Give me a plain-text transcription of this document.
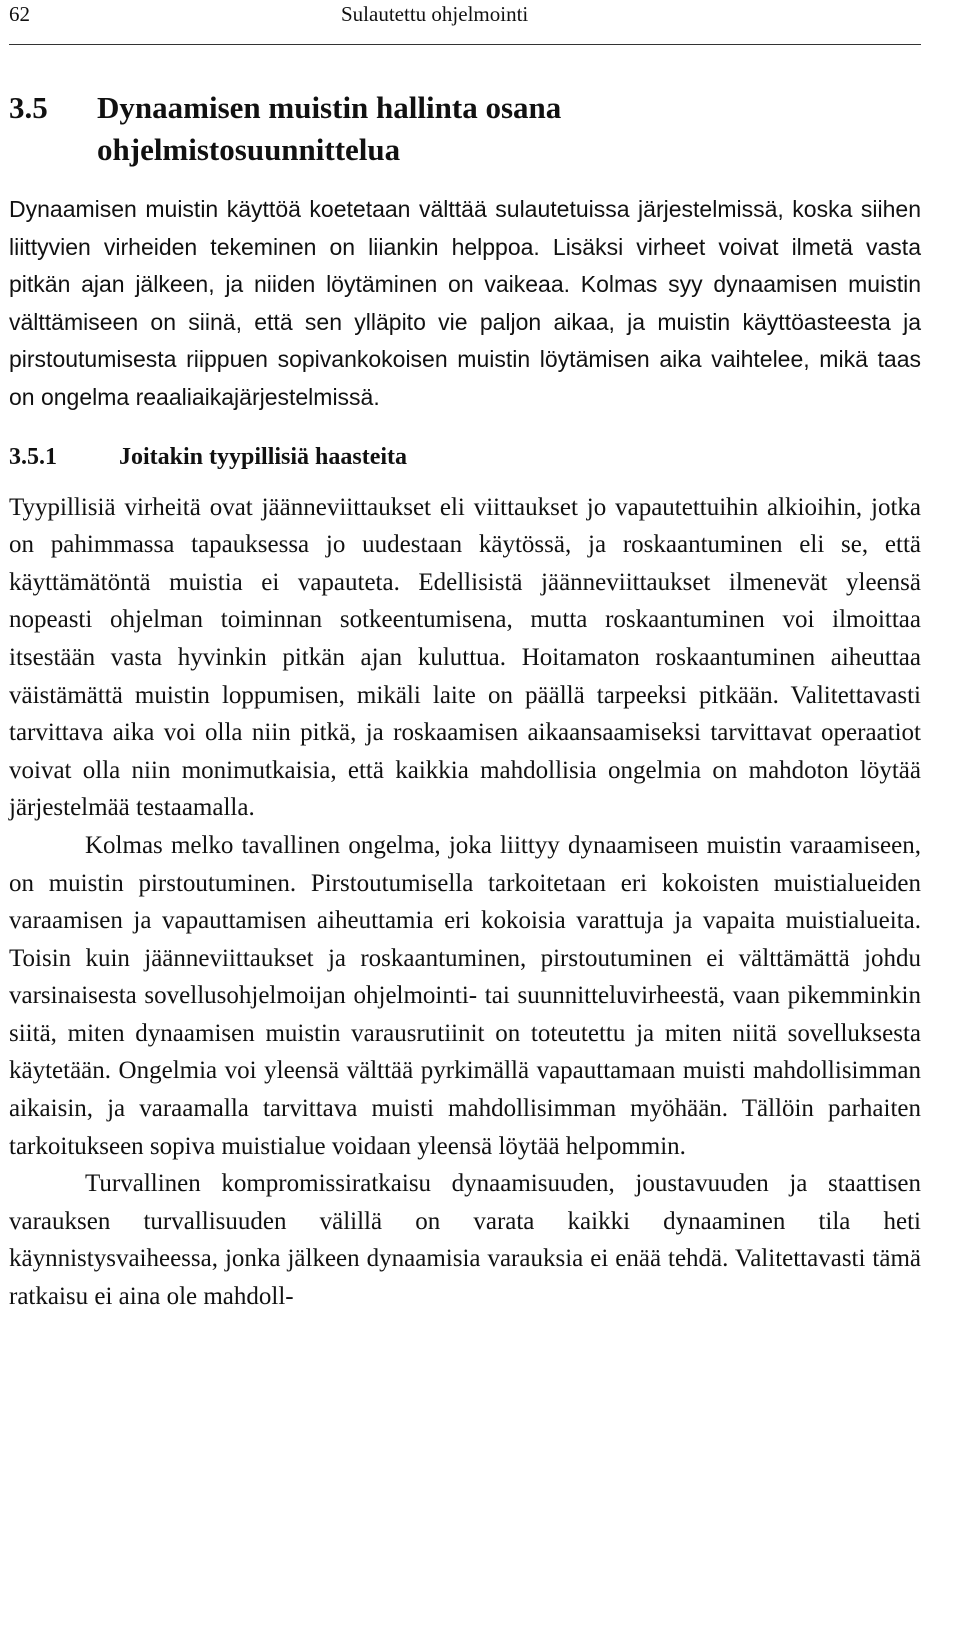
62	Sulautettu ohjelmointi
3.5 Dynaamisen muistin hallinta osana ohjelmistosuunnittelua

Dynaamisen muistin käyttöä koetetaan välttää sulautetuissa järjestelmissä, koska siihen liittyvien virheiden tekeminen on liiankin helppoa. Lisäksi virheet voivat ilmetä vasta pitkän ajan jälkeen, ja niiden löytäminen on vaikeaa. Kolmas syy dynaamisen muistin välttämiseen on siinä, että sen ylläpito vie paljon aikaa, ja muistin käyttöasteesta ja pirstoutumisesta riippuen sopivankokoisen muistin löytämisen aika vaihtelee, mikä taas on ongelma reaaliaikajärjestelmissä.

3.5.1	Joitakin tyypillisiä haasteita

Tyypillisiä virheitä ovat jäänneviittaukset eli viittaukset jo vapautettuihin alkioihin, jotka on pahimmassa tapauksessa jo uudestaan käytössä, ja roskaantuminen eli se, että käyttämätöntä muistia ei vapauteta. Edellisistä jäänneviittaukset ilmenevät yleensä nopeasti ohjelman toiminnan sotkeentumisena, mutta roskaantuminen voi ilmoittaa itsestään vasta hyvinkin pitkän ajan kuluttua. Hoitamaton roskaantuminen aiheuttaa väistämättä muistin loppumisen, mikäli laite on päällä tarpeeksi pitkään. Valitettavasti tarvittava aika voi olla niin pitkä, ja roskaamisen aikaansaamiseksi tarvittavat operaatiot voivat olla niin monimutkaisia, että kaikkia mahdollisia ongelmia on mahdoton löytää järjestelmää testaamalla.

Kolmas melko tavallinen ongelma, joka liittyy dynaamiseen muistin varaamiseen, on muistin pirstoutuminen. Pirstoutumisella tarkoitetaan eri kokoisten muistialueiden varaamisen ja vapauttamisen aiheuttamia eri kokoisia varattuja ja vapaita muistialueita. Toisin kuin jäänneviittaukset ja roskaantuminen, pirstoutuminen ei välttämättä johdu varsinaisesta sovellusohjelmoijan ohjelmointi- tai suunnitteluvirheestä, vaan pikemminkin siitä, miten dynaamisen muistin varausrutiinit on toteutettu ja miten niitä sovelluksesta käytetään. Ongelmia voi yleensä välttää pyrkimällä vapauttamaan muisti mahdollisimman aikaisin, ja varaamalla tarvittava muisti mahdollisimman myöhään. Tällöin parhaiten tarkoitukseen sopiva muistialue voidaan yleensä löytää helpommin.

Turvallinen kompromissiratkaisu dynaamisuuden, joustavuuden ja staattisen varauksen turvallisuuden välillä on varata kaikki dynaaminen tila heti käynnistysvaiheessa, jonka jälkeen dynaamisia varauksia ei enää tehdä. Valitettavasti tämä ratkaisu ei aina ole mahdoll-
